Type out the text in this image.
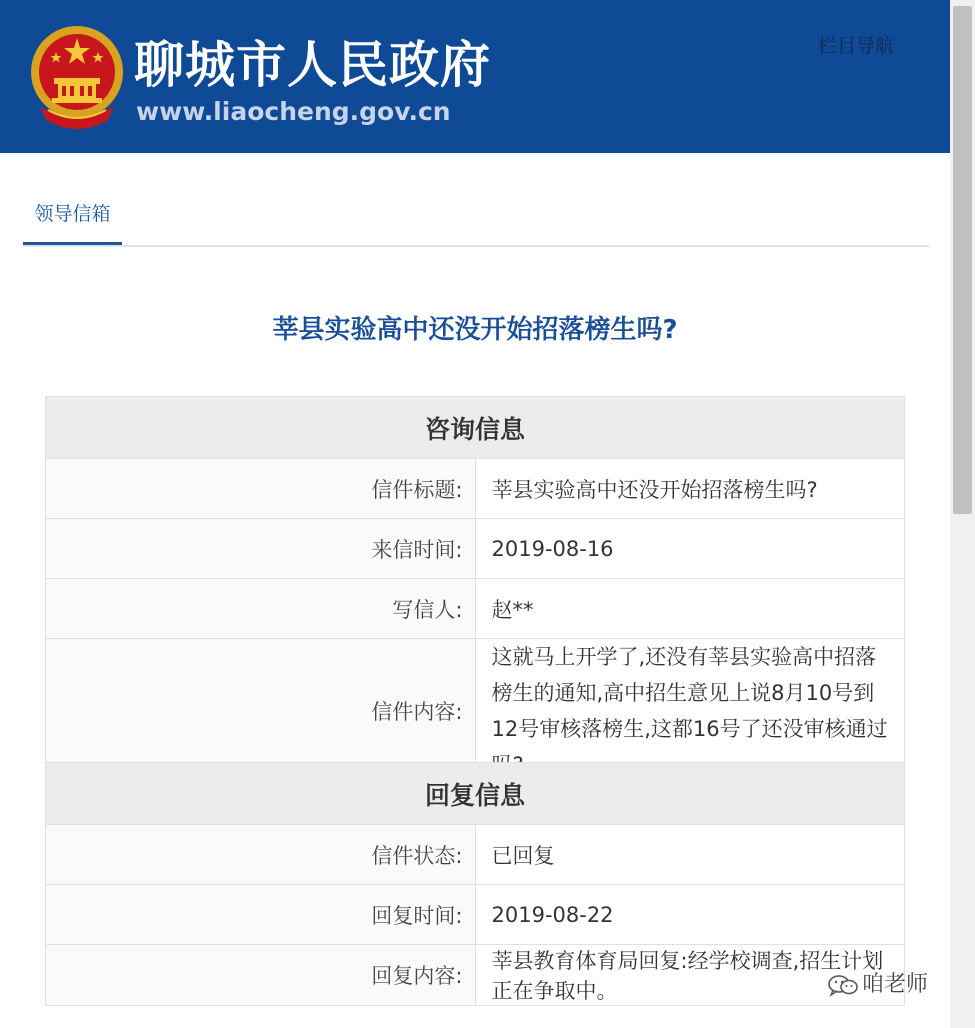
聊城市人民政府
www.liaocheng.gov.cn
栏目导航
领导信箱
莘县实验高中还没开始招落榜生吗?
咨询信息	
信件标题:	莘县实验高中还没开始招落榜生吗?
来信时间:	2019-08-16
写信人:	赵**
信件内容:	这就马上开学了,还没有莘县实验高中招落榜生的通知,高中招生意见上说8月10号到12号审核落榜生,这都16号了还没审核通过
回复信息	
信件状态:	已回复
回复时间:	2019-08-22
回复内容:	莘县教育体育局回复:经学校调查,招生计划正在争取中。	咱老师
